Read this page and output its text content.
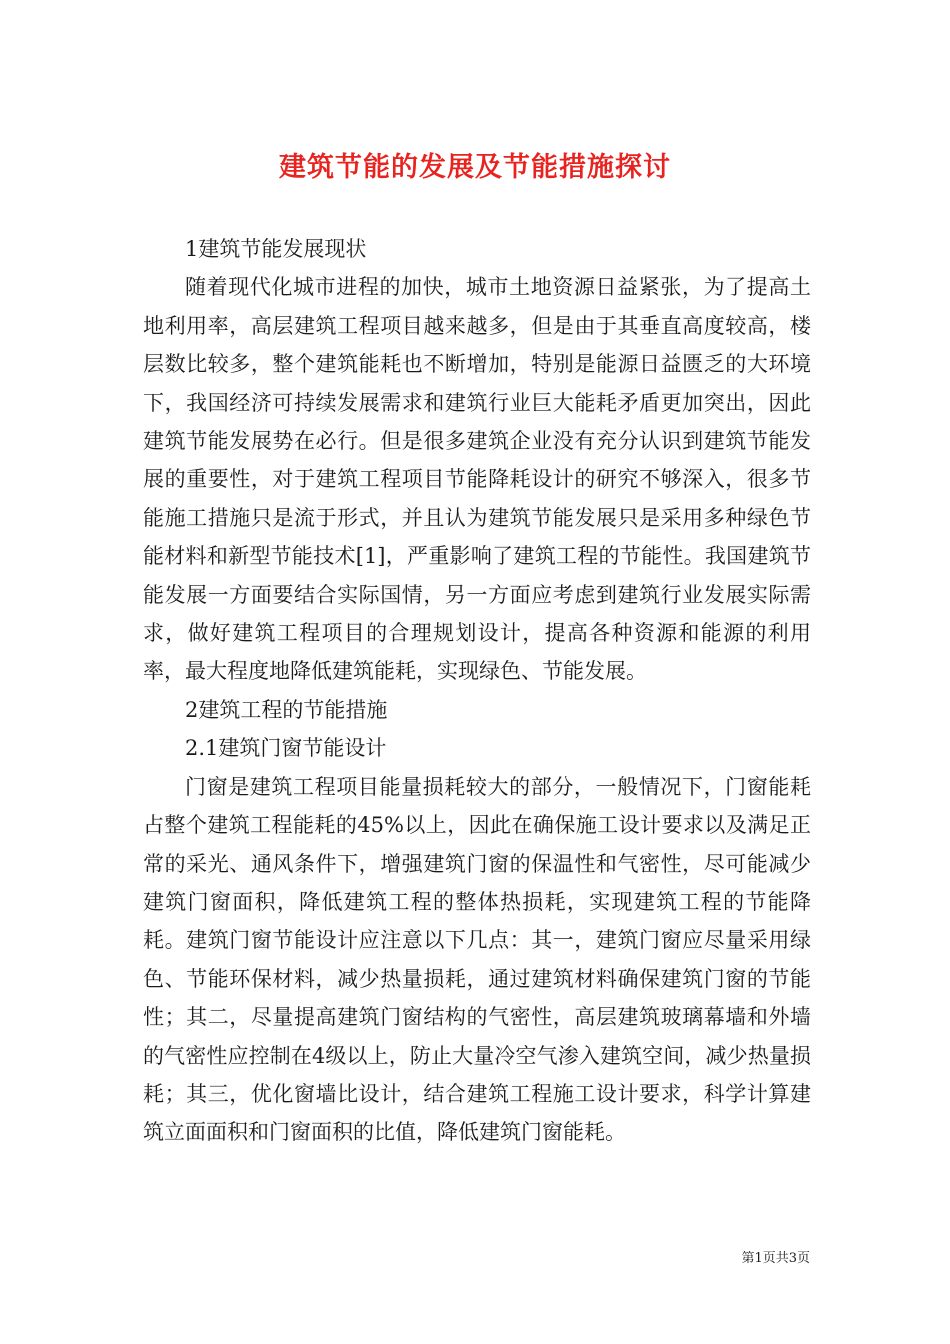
建筑节能的发展及节能措施探讨

1建筑节能发展现状

随着现代化城市进程的加快，城市土地资源日益紧张，为了提高土地利用率，高层建筑工程项目越来越多，但是由于其垂直高度较高，楼层数比较多，整个建筑能耗也不断增加，特别是能源日益匮乏的大环境下，我国经济可持续发展需求和建筑行业巨大能耗矛盾更加突出，因此建筑节能发展势在必行。但是很多建筑企业没有充分认识到建筑节能发展的重要性，对于建筑工程项目节能降耗设计的研究不够深入，很多节能施工措施只是流于形式，并且认为建筑节能发展只是采用多种绿色节能材料和新型节能技术[1]，严重影响了建筑工程的节能性。我国建筑节能发展一方面要结合实际国情，另一方面应考虑到建筑行业发展实际需求，做好建筑工程项目的合理规划设计，提高各种资源和能源的利用率，最大程度地降低建筑能耗，实现绿色、节能发展。

2建筑工程的节能措施

2.1建筑门窗节能设计

门窗是建筑工程项目能量损耗较大的部分，一般情况下，门窗能耗占整个建筑工程能耗的45%以上，因此在确保施工设计要求以及满足正常的采光、通风条件下，增强建筑门窗的保温性和气密性，尽可能减少建筑门窗面积，降低建筑工程的整体热损耗，实现建筑工程的节能降耗。建筑门窗节能设计应注意以下几点：其一，建筑门窗应尽量采用绿色、节能环保材料，减少热量损耗，通过建筑材料确保建筑门窗的节能性；其二，尽量提高建筑门窗结构的气密性，高层建筑玻璃幕墙和外墙的气密性应控制在4级以上，防止大量冷空气渗入建筑空间，减少热量损耗；其三，优化窗墙比设计，结合建筑工程施工设计要求，科学计算建筑立面面积和门窗面积的比值，降低建筑门窗能耗。

第1页共3页
